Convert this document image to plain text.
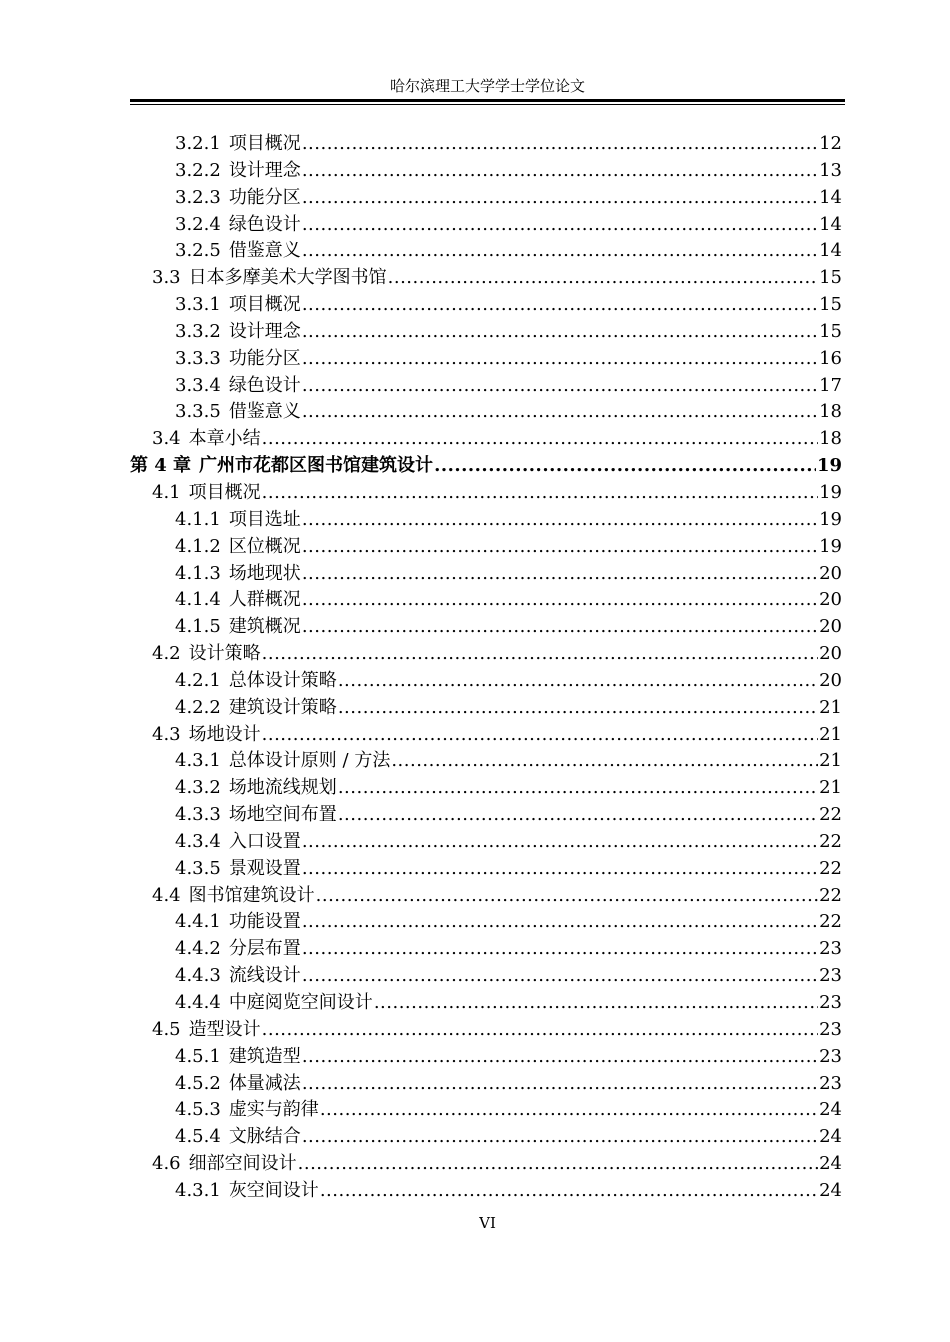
哈尔滨理工大学学士学位论文
3.2.1 项目概况 .....	12
3.2.2 设计理念 .....	13
3.2.3 功能分区 .....	14
3.2.4 绿色设计 .....	14
3.2.5 借鉴意义 .....	14
3.3 日本多摩美术大学图书馆 .....	15
3.3.1 项目概况 .....	15
3.3.2 设计理念 .....	15
3.3.3 功能分区 .....	16
3.3.4 绿色设计 .....	17
3.3.5 借鉴意义 .....	18
3.4 本章小结 .....	18
第 4 章 广州市花都区图书馆建筑设计 .....	19
4.1 项目概况 .....	19
4.1.1 项目选址 .....	19
4.1.2 区位概况 .....	19
4.1.3 场地现状 .....	20
4.1.4 人群概况 .....	20
4.1.5 建筑概况 .....	20
4.2 设计策略 .....	20
4.2.1 总体设计策略 .....	20
4.2.2 建筑设计策略 .....	21
4.3 场地设计 .....	21
4.3.1 总体设计原则 / 方法 .....	21
4.3.2 场地流线规划 .....	21
4.3.3 场地空间布置 .....	22
4.3.4 入口设置 .....	22
4.3.5 景观设置 .....	22
4.4 图书馆建筑设计 .....	22
4.4.1 功能设置 .....	22
4.4.2 分层布置 .....	23
4.4.3 流线设计 .....	23
4.4.4 中庭阅览空间设计 .....	23
4.5 造型设计 .....	23
4.5.1 建筑造型 .....	23
4.5.2 体量减法 .....	23
4.5.3 虚实与韵律 .....	24
4.5.4 文脉结合 .....	24
4.6 细部空间设计 .....	24
4.3.1 灰空间设计 .....	24
VI
